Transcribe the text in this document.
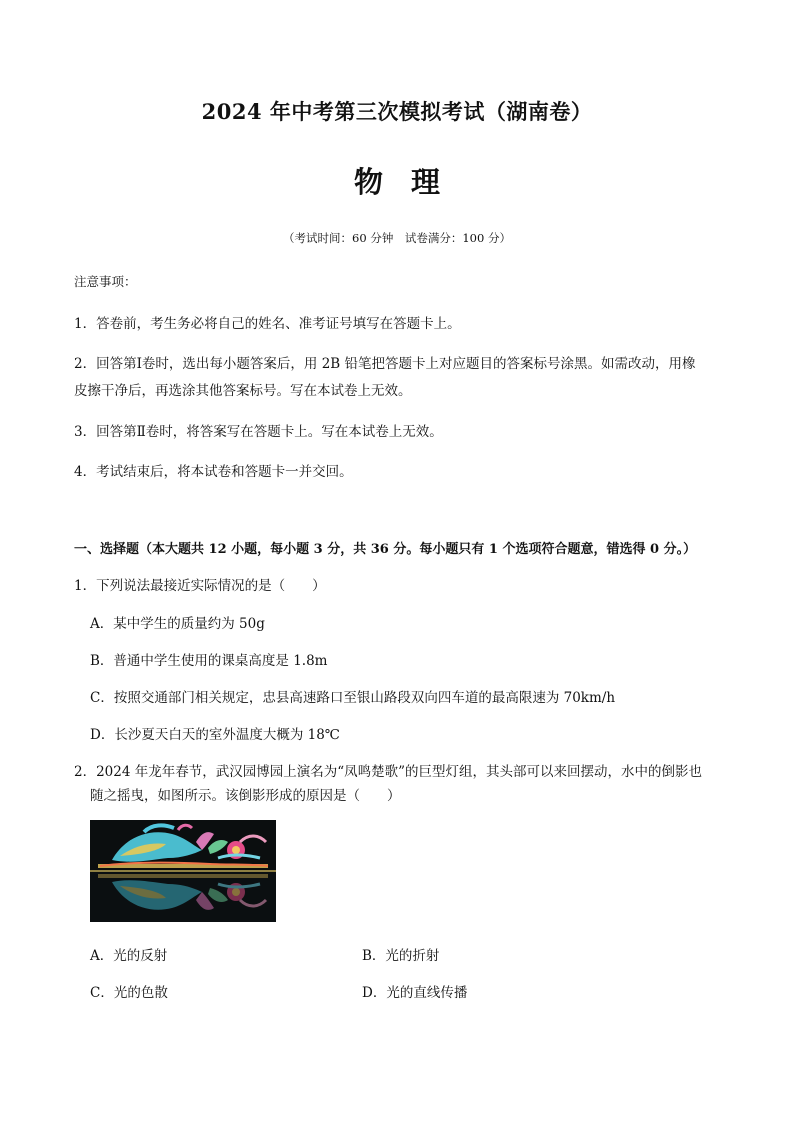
2024 年中考第三次模拟考试（湖南卷）
物理
（考试时间：60 分钟　试卷满分：100 分）
注意事项：
1．答卷前，考生务必将自己的姓名、准考证号填写在答题卡上。
2．回答第Ⅰ卷时，选出每小题答案后，用 2B 铅笔把答题卡上对应题目的答案标号涂黑。如需改动，用橡
皮擦干净后，再选涂其他答案标号。写在本试卷上无效。
3．回答第Ⅱ卷时，将答案写在答题卡上。写在本试卷上无效。
4．考试结束后，将本试卷和答题卡一并交回。
一、选择题（本大题共 12 小题，每小题 3 分，共 36 分。每小题只有 1 个选项符合题意，错选得 0 分。）
1．下列说法最接近实际情况的是（　　）
A．某中学生的质量约为 50g
B．普通中学生使用的课桌高度是 1.8m
C．按照交通部门相关规定，忠县高速路口至银山路段双向四车道的最高限速为 70km/h
D．长沙夏天白天的室外温度大概为 18℃
2．2024 年龙年春节，武汉园博园上演名为“凤鸣楚歌”的巨型灯组，其头部可以来回摆动，水中的倒影也
随之摇曳，如图所示。该倒影形成的原因是（　　）
A．光的反射	B．光的折射
C．光的色散	D．光的直线传播
